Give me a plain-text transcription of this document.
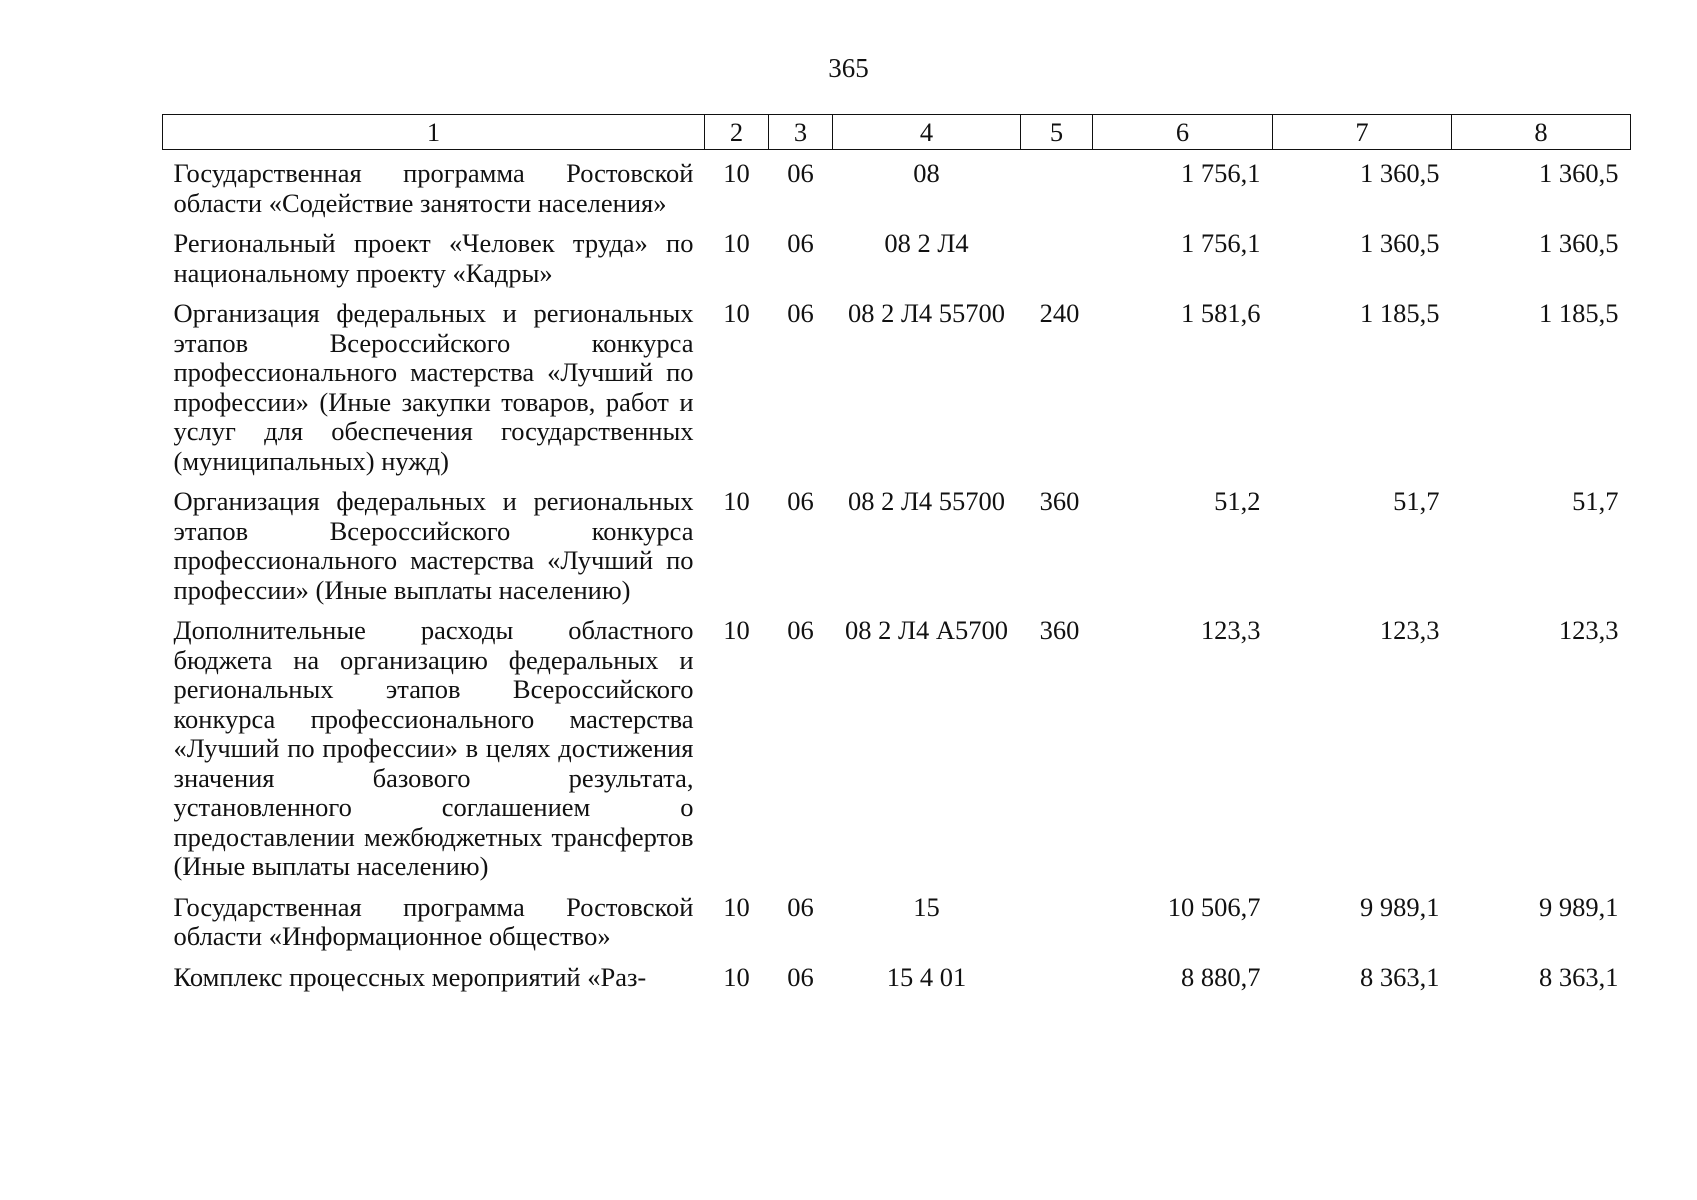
365
1	2	3	4	5	6	7	8
Государственная программа Ростовской области «Содействие занятости населения»	10	06	08		1 756,1	1 360,5	1 360,5
Региональный проект «Человек труда» по национальному проекту «Кадры»	10	06	08 2 Л4		1 756,1	1 360,5	1 360,5
Организация федеральных и региональных этапов Всероссийского конкурса профессионального мастерства «Лучший по профессии» (Иные закупки товаров, работ и услуг для обеспечения государственных (муниципальных) нужд)	10	06	08 2 Л4 55700	240	1 581,6	1 185,5	1 185,5
Организация федеральных и региональных этапов Всероссийского конкурса профессионального мастерства «Лучший по профессии» (Иные выплаты населению)	10	06	08 2 Л4 55700	360	51,2	51,7	51,7
Дополнительные расходы областного бюджета на организацию федеральных и региональных этапов Всероссийского конкурса профессионального мастерства «Лучший по профессии» в целях достижения значения базового результата, установленного соглашением о предоставлении межбюджетных трансфертов (Иные выплаты населению)	10	06	08 2 Л4 А5700	360	123,3	123,3	123,3
Государственная программа Ростовской области «Информационное общество»	10	06	15		10 506,7	9 989,1	9 989,1
Комплекс процессных мероприятий «Раз-	10	06	15 4 01		8 880,7	8 363,1	8 363,1
